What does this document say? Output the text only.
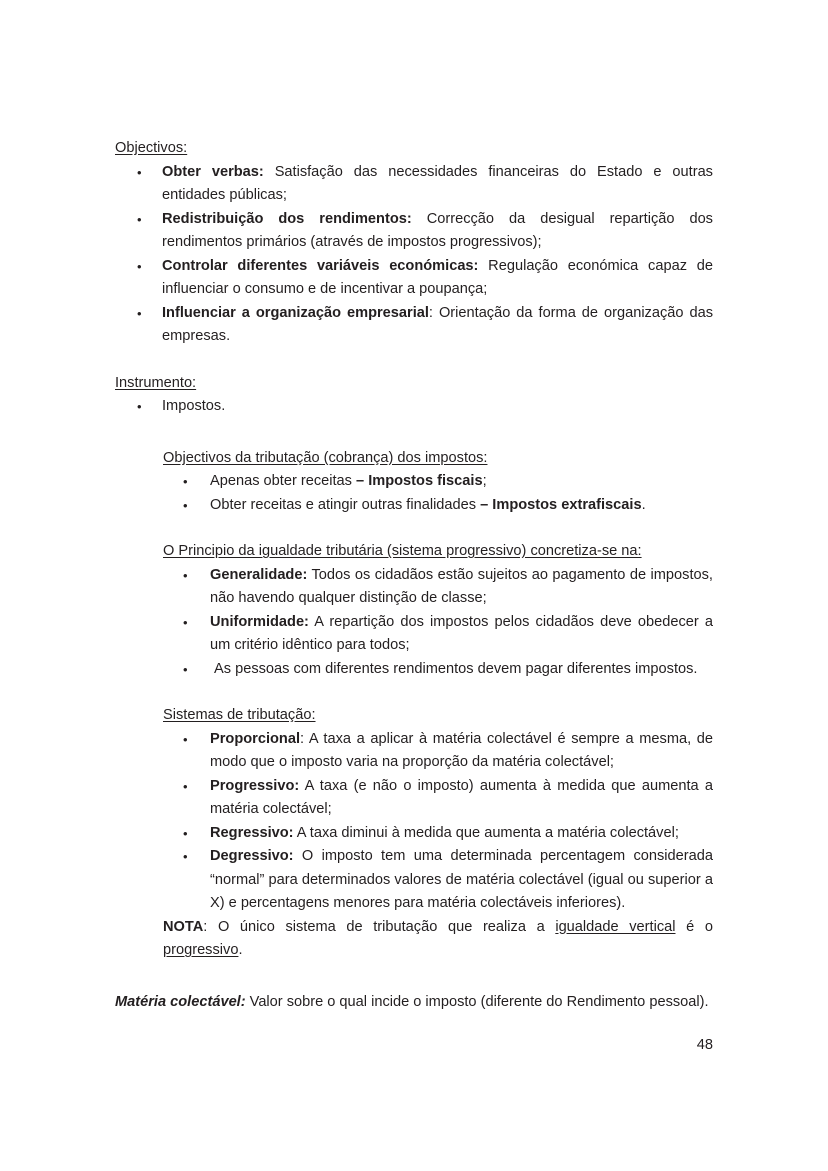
Objectivos:
• Obter verbas: Satisfação das necessidades financeiras do Estado e outras entidades públicas;
• Redistribuição dos rendimentos: Correcção da desigual repartição dos rendimentos primários (através de impostos progressivos);
• Controlar diferentes variáveis económicas: Regulação económica capaz de influenciar o consumo e de incentivar a poupança;
• Influenciar a organização empresarial: Orientação da forma de organização das empresas.
Instrumento:
• Impostos.
Objectivos da tributação (cobrança) dos impostos:
• Apenas obter receitas – Impostos fiscais;
• Obter receitas e atingir outras finalidades – Impostos extrafiscais.
O Principio da igualdade tributária (sistema progressivo) concretiza-se na:
• Generalidade: Todos os cidadãos estão sujeitos ao pagamento de impostos, não havendo qualquer distinção de classe;
• Uniformidade: A repartição dos impostos pelos cidadãos deve obedecer a um critério idêntico para todos;
• As pessoas com diferentes rendimentos devem pagar diferentes impostos.
Sistemas de tributação:
• Proporcional: A taxa a aplicar à matéria colectável é sempre a mesma, de modo que o imposto varia na proporção da matéria colectável;
• Progressivo: A taxa (e não o imposto) aumenta à medida que aumenta a matéria colectável;
• Regressivo: A taxa diminui à medida que aumenta a matéria colectável;
• Degressivo: O imposto tem uma determinada percentagem considerada “normal” para determinados valores de matéria colectável (igual ou superior a X) e percentagens menores para matéria colectáveis inferiores).
NOTA: O único sistema de tributação que realiza a igualdade vertical é o progressivo.
Matéria colectável: Valor sobre o qual incide o imposto (diferente do Rendimento pessoal).
48
